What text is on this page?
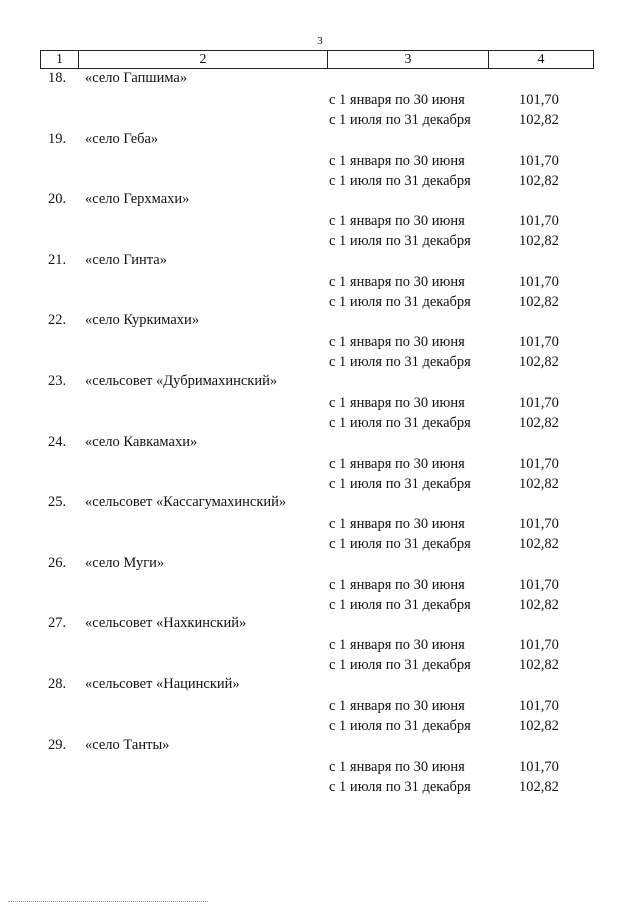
3
1	2	3	4
18. «село Гапшима»
с 1 января по 30 июня	101,70
с 1 июля по 31 декабря	102,82
19. «село Геба»
с 1 января по 30 июня	101,70
с 1 июля по 31 декабря	102,82
20. «село Герхмахи»
с 1 января по 30 июня	101,70
с 1 июля по 31 декабря	102,82
21. «село Гинта»
с 1 января по 30 июня	101,70
с 1 июля по 31 декабря	102,82
22. «село Куркимахи»
с 1 января по 30 июня	101,70
с 1 июля по 31 декабря	102,82
23. «сельсовет «Дубримахинский»
с 1 января по 30 июня	101,70
с 1 июля по 31 декабря	102,82
24. «село Кавкамахи»
с 1 января по 30 июня	101,70
с 1 июля по 31 декабря	102,82
25. «сельсовет «Кассагумахинский»
с 1 января по 30 июня	101,70
с 1 июля по 31 декабря	102,82
26. «село Муги»
с 1 января по 30 июня	101,70
с 1 июля по 31 декабря	102,82
27. «сельсовет «Нахкинский»
с 1 января по 30 июня	101,70
с 1 июля по 31 декабря	102,82
28. «сельсовет «Нацинский»
с 1 января по 30 июня	101,70
с 1 июля по 31 декабря	102,82
29. «село Танты»
с 1 января по 30 июня	101,70
с 1 июля по 31 декабря	102,82
